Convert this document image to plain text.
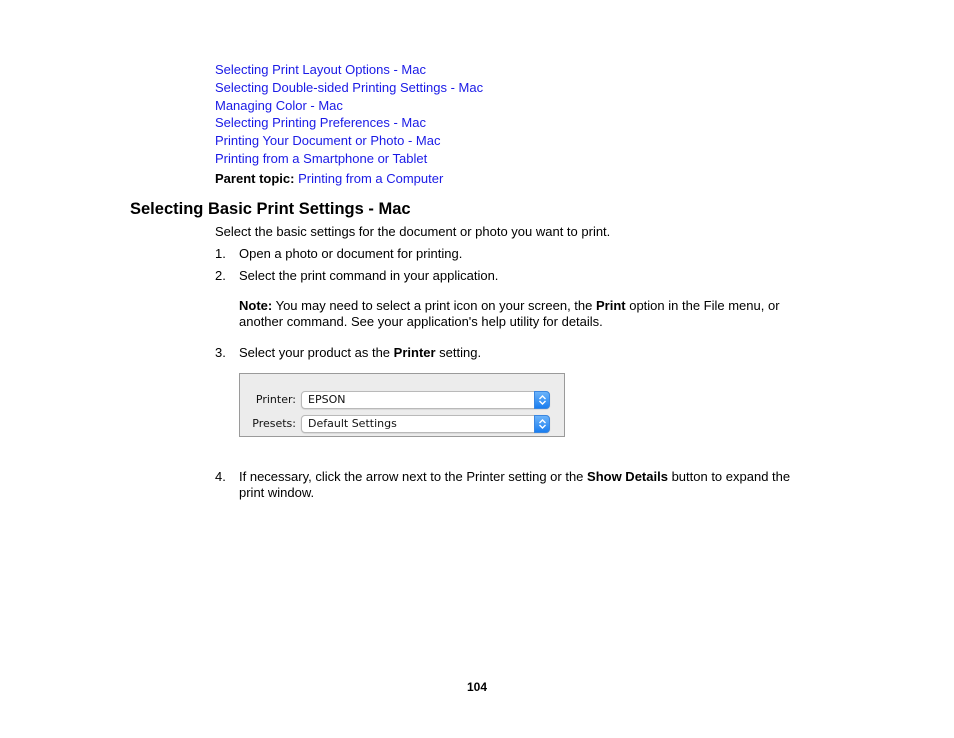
Selecting Print Layout Options - Mac
Selecting Double-sided Printing Settings - Mac
Managing Color - Mac
Selecting Printing Preferences - Mac
Printing Your Document or Photo - Mac
Printing from a Smartphone or Tablet
Parent topic: Printing from a Computer
Selecting Basic Print Settings - Mac
Select the basic settings for the document or photo you want to print.
1.	Open a photo or document for printing.
2.	Select the print command in your application.
Note: You may need to select a print icon on your screen, the Print option in the File menu, or another command. See your application's help utility for details.
3.	Select your product as the Printer setting.
Printer: EPSON
Presets: Default Settings
4.	If necessary, click the arrow next to the Printer setting or the Show Details button to expand the print window.
104
